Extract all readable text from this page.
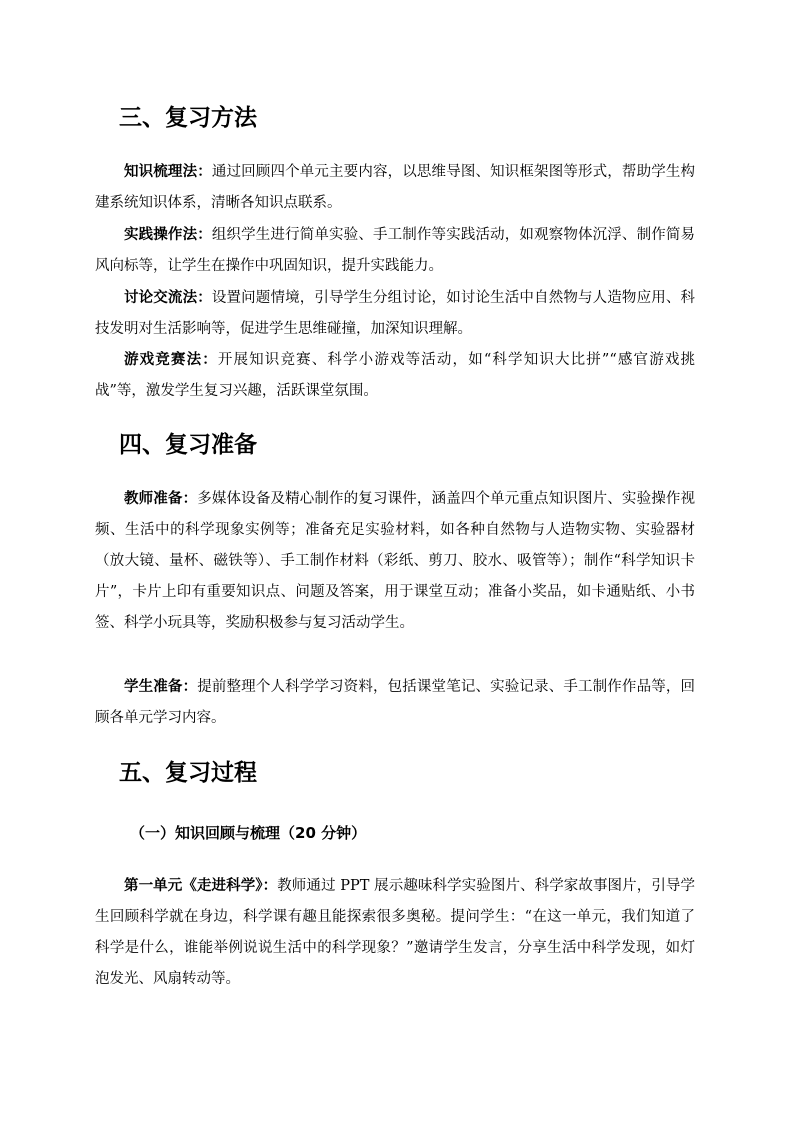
三、复习方法

知识梳理法：通过回顾四个单元主要内容，以思维导图、知识框架图等形式，帮助学生构建系统知识体系，清晰各知识点联系。

实践操作法：组织学生进行简单实验、手工制作等实践活动，如观察物体沉浮、制作简易风向标等，让学生在操作中巩固知识，提升实践能力。

讨论交流法：设置问题情境，引导学生分组讨论，如讨论生活中自然物与人造物应用、科技发明对生活影响等，促进学生思维碰撞，加深知识理解。

游戏竞赛法：开展知识竞赛、科学小游戏等活动，如“科学知识大比拼”“感官游戏挑战”等，激发学生复习兴趣，活跃课堂氛围。

四、复习准备

教师准备：多媒体设备及精心制作的复习课件，涵盖四个单元重点知识图片、实验操作视频、生活中的科学现象实例等；准备充足实验材料，如各种自然物与人造物实物、实验器材（放大镜、量杯、磁铁等）、手工制作材料（彩纸、剪刀、胶水、吸管等）；制作“科学知识卡片”，卡片上印有重要知识点、问题及答案，用于课堂互动；准备小奖品，如卡通贴纸、小书签、科学小玩具等，奖励积极参与复习活动学生。

学生准备：提前整理个人科学学习资料，包括课堂笔记、实验记录、手工制作作品等，回顾各单元学习内容。

五、复习过程
（一）知识回顾与梳理（20 分钟）

第一单元《走进科学》：教师通过 PPT 展示趣味科学实验图片、科学家故事图片，引导学生回顾科学就在身边，科学课有趣且能探索很多奥秘。提问学生：“在这一单元，我们知道了科学是什么，谁能举例说说生活中的科学现象？”邀请学生发言，分享生活中科学发现，如灯泡发光、风扇转动等。
